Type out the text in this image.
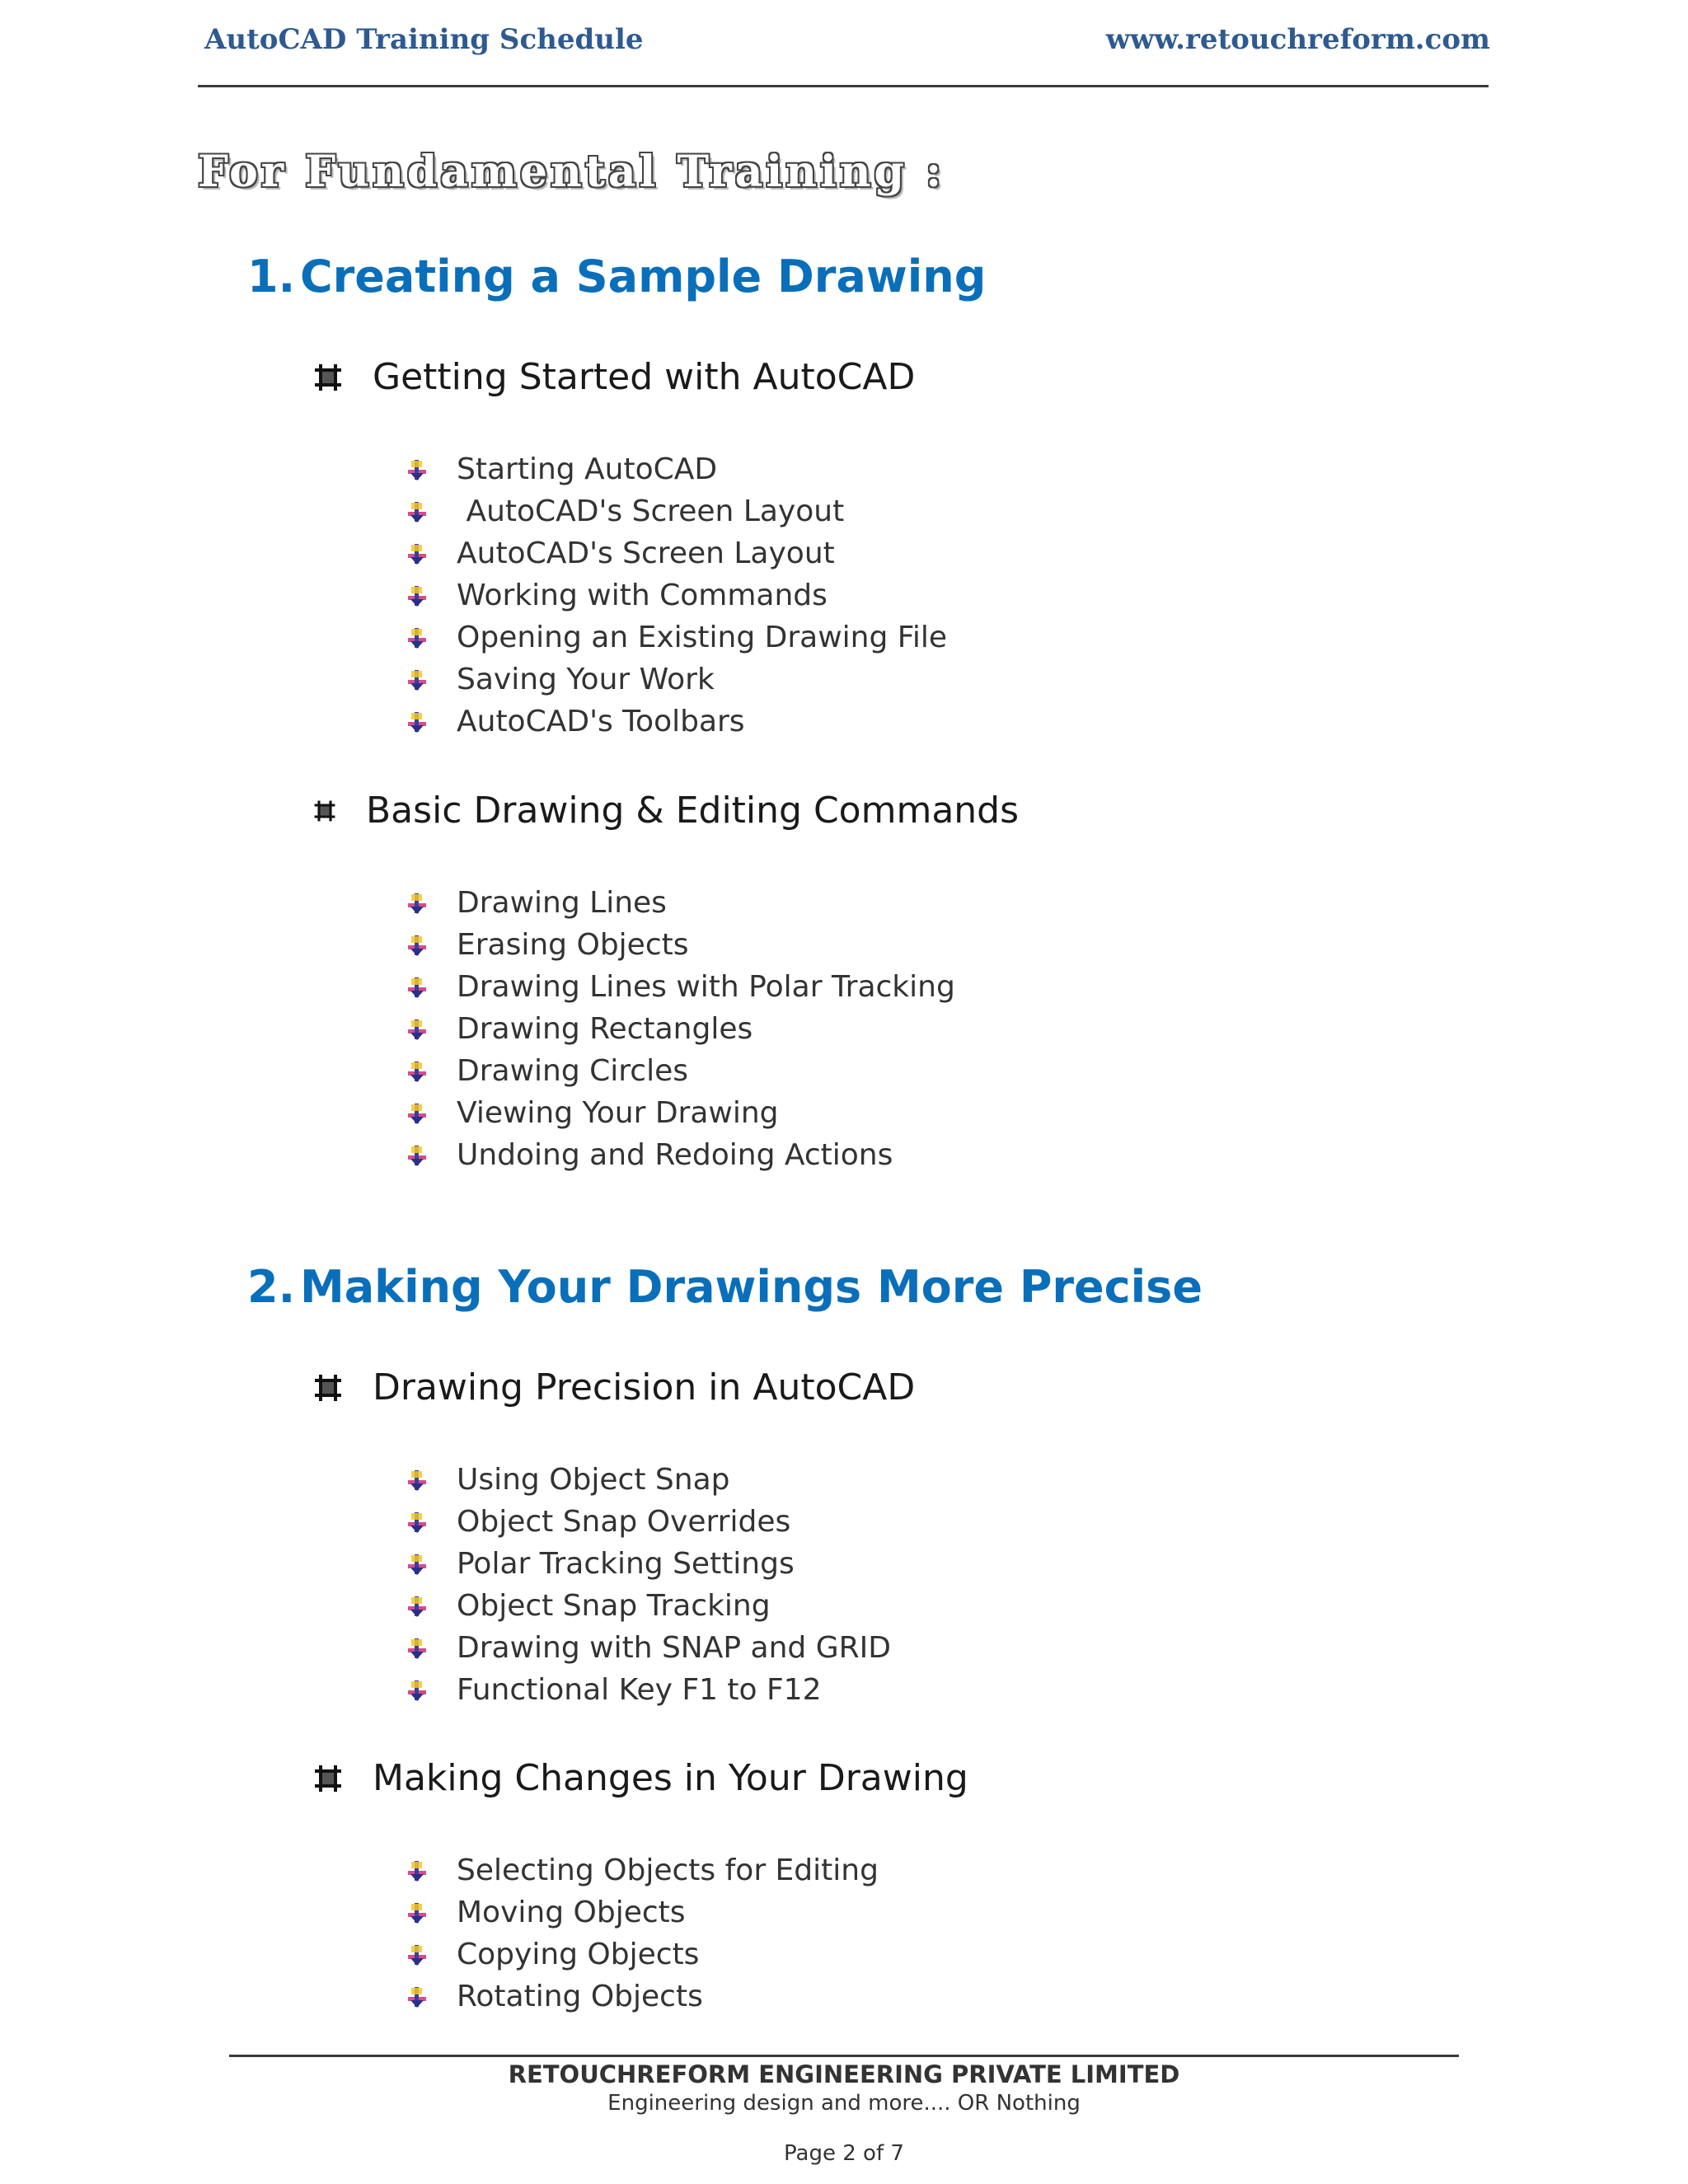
AutoCAD Training Schedule	www.retouchreform.com
For Fundamental Training :
1. Creating a Sample Drawing
Getting Started with AutoCAD
Starting AutoCAD
AutoCAD's Screen Layout
AutoCAD's Screen Layout
Working with Commands
Opening an Existing Drawing File
Saving Your Work
AutoCAD's Toolbars
Basic Drawing & Editing Commands
Drawing Lines
Erasing Objects
Drawing Lines with Polar Tracking
Drawing Rectangles
Drawing Circles
Viewing Your Drawing
Undoing and Redoing Actions
2. Making Your Drawings More Precise
Drawing Precision in AutoCAD
Using Object Snap
Object Snap Overrides
Polar Tracking Settings
Object Snap Tracking
Drawing with SNAP and GRID
Functional Key F1 to F12
Making Changes in Your Drawing
Selecting Objects for Editing
Moving Objects
Copying Objects
Rotating Objects
RETOUCHREFORM ENGINEERING PRIVATE LIMITED
Engineering design and more.... OR Nothing
Page 2 of 7
